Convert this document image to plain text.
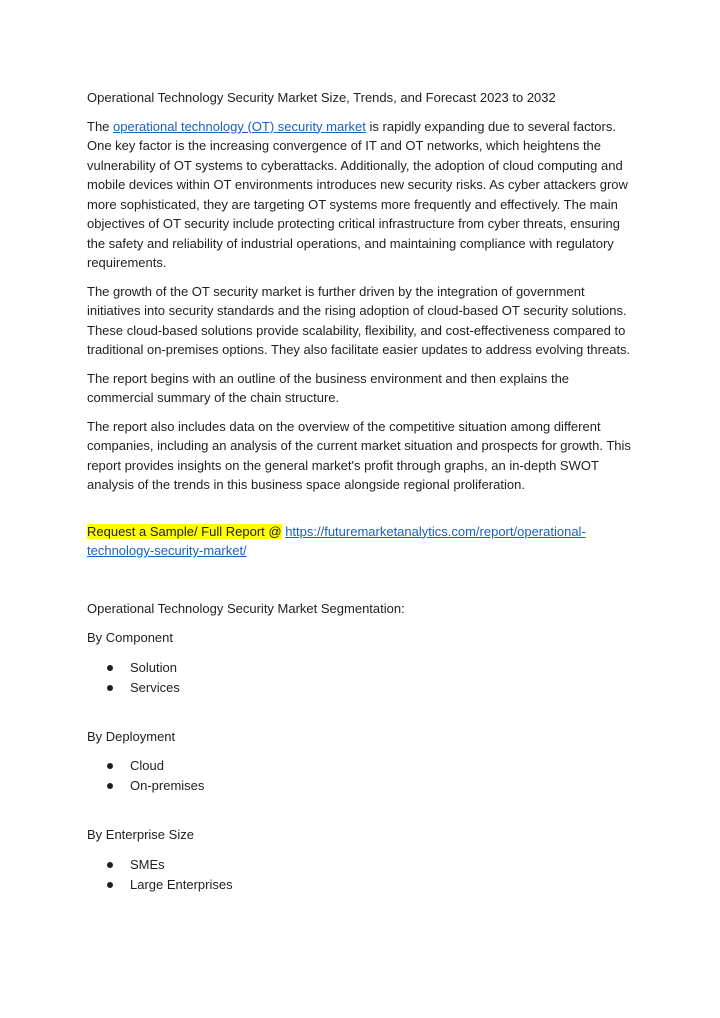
Operational Technology Security Market Size, Trends, and Forecast 2023 to 2032

The operational technology (OT) security market is rapidly expanding due to several factors. One key factor is the increasing convergence of IT and OT networks, which heightens the vulnerability of OT systems to cyberattacks. Additionally, the adoption of cloud computing and mobile devices within OT environments introduces new security risks. As cyber attackers grow more sophisticated, they are targeting OT systems more frequently and effectively. The main objectives of OT security include protecting critical infrastructure from cyber threats, ensuring the safety and reliability of industrial operations, and maintaining compliance with regulatory requirements.

The growth of the OT security market is further driven by the integration of government initiatives into security standards and the rising adoption of cloud-based OT security solutions. These cloud-based solutions provide scalability, flexibility, and cost-effectiveness compared to traditional on-premises options. They also facilitate easier updates to address evolving threats.

The report begins with an outline of the business environment and then explains the commercial summary of the chain structure.

The report also includes data on the overview of the competitive situation among different companies, including an analysis of the current market situation and prospects for growth. This report provides insights on the general market's profit through graphs, an in-depth SWOT analysis of the trends in this business space alongside regional proliferation.

Request a Sample/ Full Report @ https://futuremarketanalytics.com/report/operational-technology-security-market/

Operational Technology Security Market Segmentation:

By Component

Solution
Services

By Deployment

Cloud
On-premises

By Enterprise Size

SMEs
Large Enterprises
